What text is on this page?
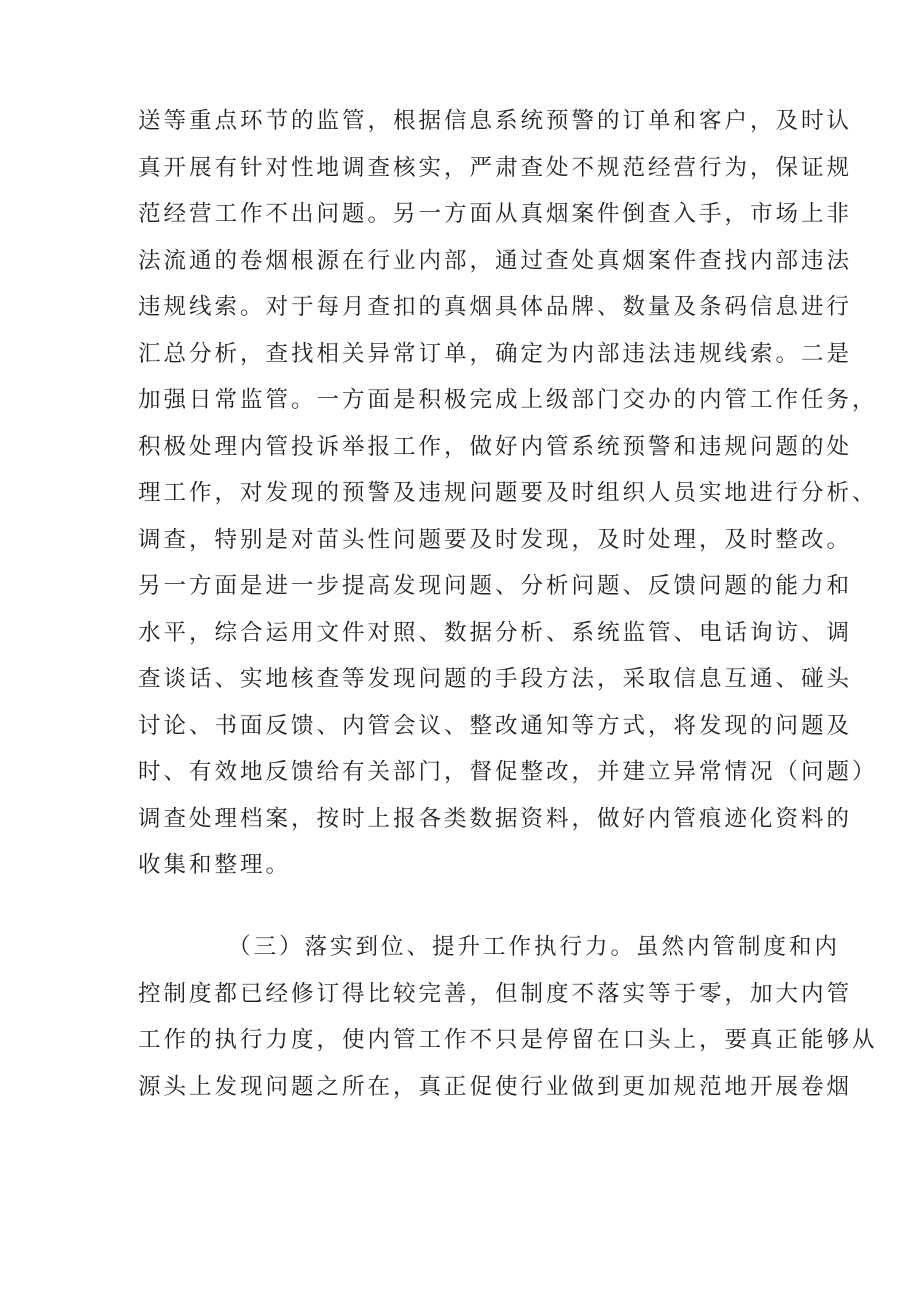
送等重点环节的监管，根据信息系统预警的订单和客户，及时认
真开展有针对性地调查核实，严肃查处不规范经营行为，保证规
范经营工作不出问题。另一方面从真烟案件倒查入手，市场上非
法流通的卷烟根源在行业内部，通过查处真烟案件查找内部违法
违规线索。对于每月查扣的真烟具体品牌、数量及条码信息进行
汇总分析，查找相关异常订单，确定为内部违法违规线索。二是
加强日常监管。一方面是积极完成上级部门交办的内管工作任务，
积极处理内管投诉举报工作，做好内管系统预警和违规问题的处
理工作，对发现的预警及违规问题要及时组织人员实地进行分析、
调查，特别是对苗头性问题要及时发现，及时处理，及时整改。
另一方面是进一步提高发现问题、分析问题、反馈问题的能力和
水平，综合运用文件对照、数据分析、系统监管、电话询访、调
查谈话、实地核查等发现问题的手段方法，采取信息互通、碰头
讨论、书面反馈、内管会议、整改通知等方式，将发现的问题及
时、有效地反馈给有关部门，督促整改，并建立异常情况（问题）
调查处理档案，按时上报各类数据资料，做好内管痕迹化资料的
收集和整理。
（三）落实到位、提升工作执行力。虽然内管制度和内
控制度都已经修订得比较完善，但制度不落实等于零，加大内管
工作的执行力度，使内管工作不只是停留在口头上，要真正能够从
源头上发现问题之所在，真正促使行业做到更加规范地开展卷烟
